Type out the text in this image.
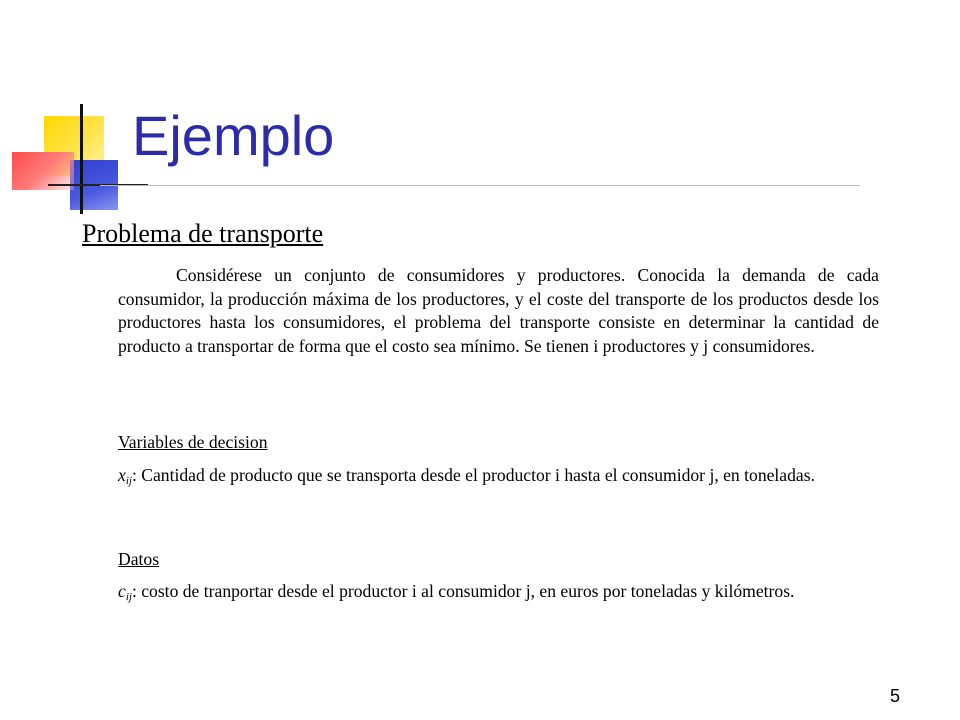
Ejemplo
Problema de transporte

Considérese un conjunto de consumidores y productores. Conocida la demanda de cada consumidor, la producción máxima de los productores, y el coste del transporte de los productos desde los productores hasta los consumidores, el problema del transporte consiste en determinar la cantidad de producto a transportar de forma que el costo sea mínimo. Se tienen i productores y j consumidores.

Variables de decision

$x_{ij}$: Cantidad de producto que se transporta desde el productor i hasta el consumidor j, en toneladas.

Datos

$c_{ij}$: costo de tranportar desde el productor i al consumidor j, en euros por toneladas y kilómetros.

5
